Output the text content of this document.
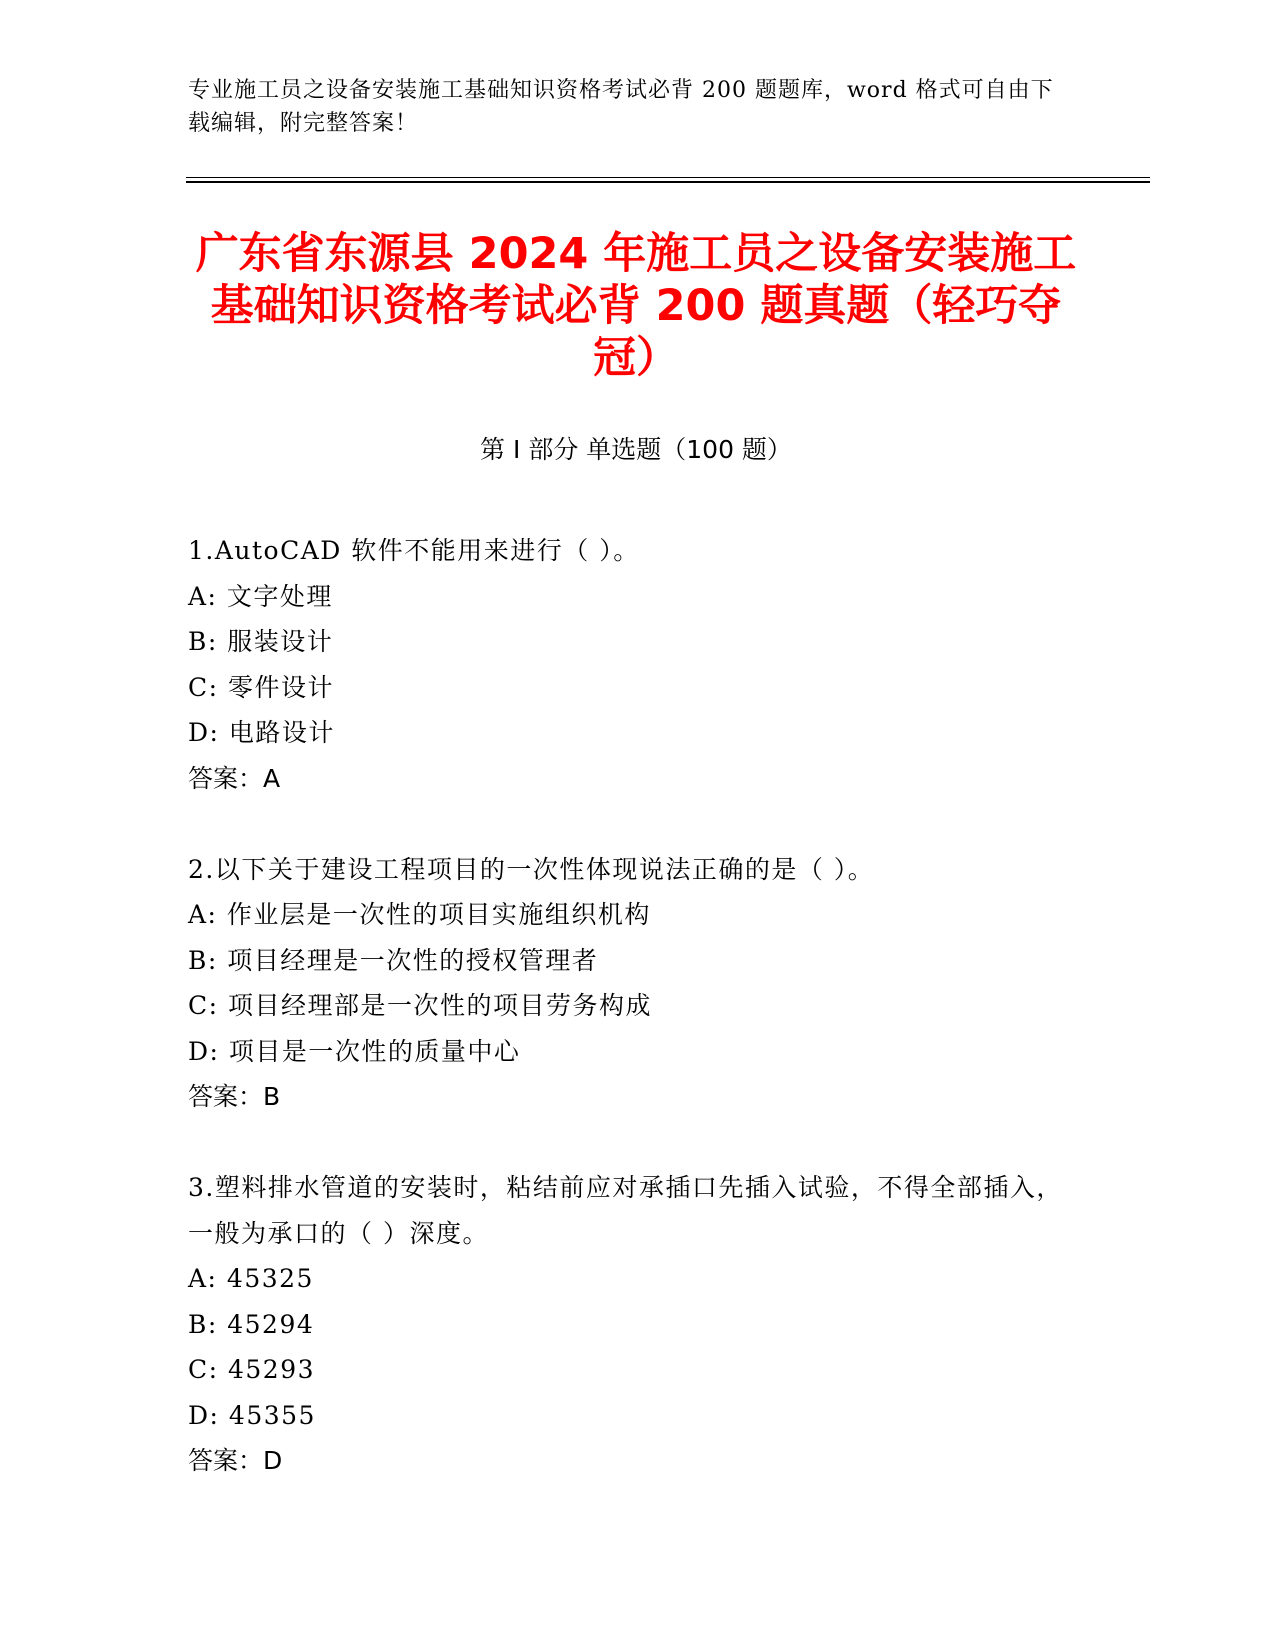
专业施工员之设备安装施工基础知识资格考试必背 200 题题库，word 格式可自由下载编辑，附完整答案！
广东省东源县 2024 年施工员之设备安装施工基础知识资格考试必背 200 题真题（轻巧夺冠）
第 I 部分 单选题（100 题）

1.AutoCAD 软件不能用来进行（ ）。

A: 文字处理

B: 服装设计

C: 零件设计

D: 电路设计

答案：A

2.以下关于建设工程项目的一次性体现说法正确的是（ ）。

A: 作业层是一次性的项目实施组织机构

B: 项目经理是一次性的授权管理者

C: 项目经理部是一次性的项目劳务构成

D: 项目是一次性的质量中心

答案：B

3.塑料排水管道的安装时，粘结前应对承插口先插入试验，不得全部插入，一般为承口的（ ）深度。

A: 45325

B: 45294

C: 45293

D: 45355

答案：D
